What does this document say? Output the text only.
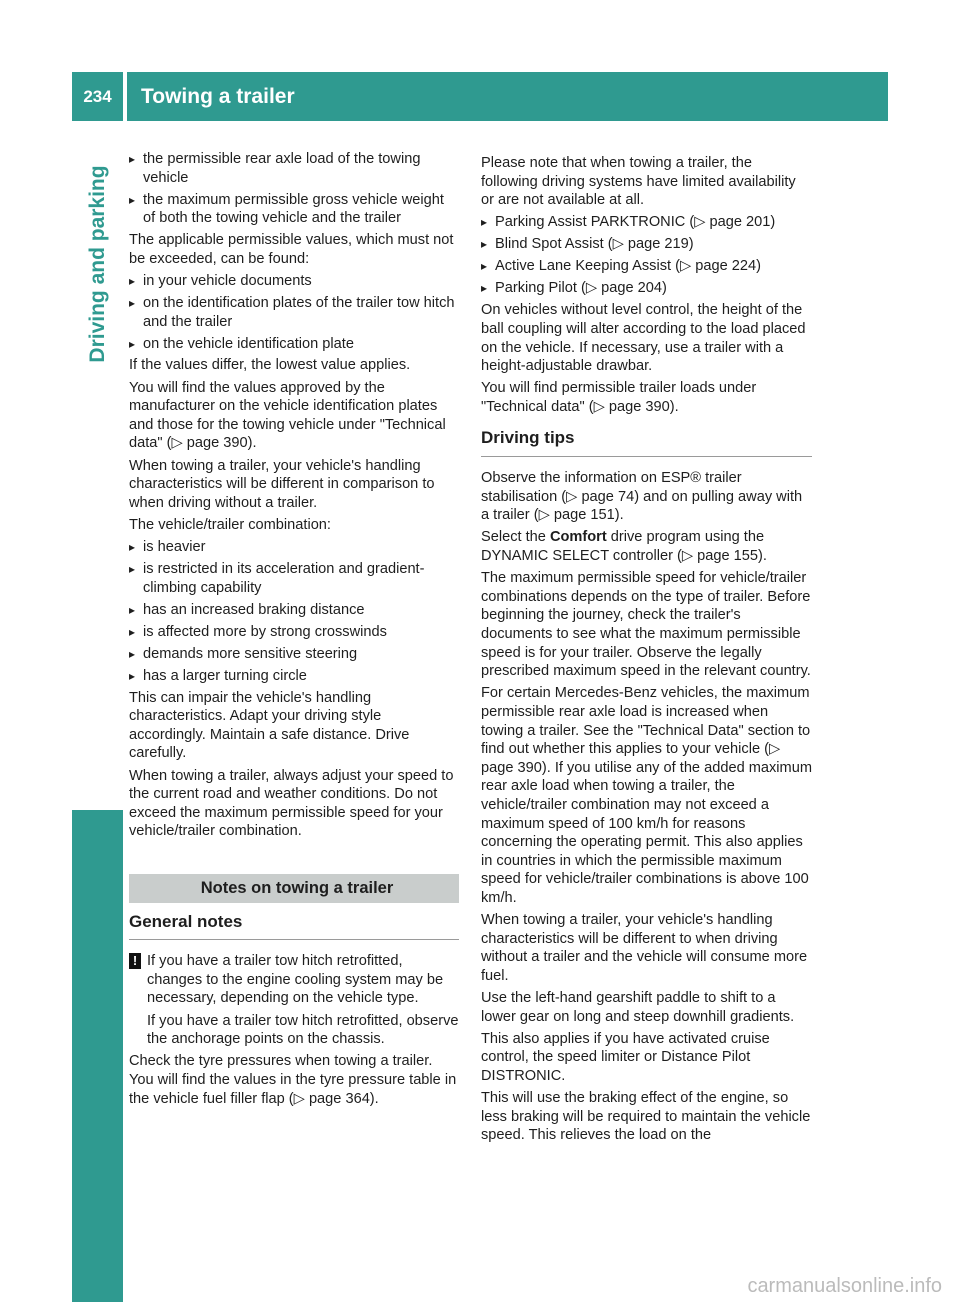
234	Towing a trailer
Driving and parking
▸ the permissible rear axle load of the towing vehicle
▸ the maximum permissible gross vehicle weight of both the towing vehicle and the trailer

The applicable permissible values, which must not be exceeded, can be found:

▸ in your vehicle documents
▸ on the identification plates of the trailer tow hitch and the trailer
▸ on the vehicle identification plate

If the values differ, the lowest value applies.

You will find the values approved by the manufacturer on the vehicle identification plates and those for the towing vehicle under "Technical data" (▷ page 390).

When towing a trailer, your vehicle's handling characteristics will be different in comparison to when driving without a trailer.

The vehicle/trailer combination:

▸ is heavier
▸ is restricted in its acceleration and gradient-climbing capability
▸ has an increased braking distance
▸ is affected more by strong crosswinds
▸ demands more sensitive steering
▸ has a larger turning circle

This can impair the vehicle's handling characteristics. Adapt your driving style accordingly. Maintain a safe distance. Drive carefully.

When towing a trailer, always adjust your speed to the current road and weather conditions. Do not exceed the maximum permissible speed for your vehicle/trailer combination.

Notes on towing a trailer
General notes
! If you have a trailer tow hitch retrofitted, changes to the engine cooling system may be necessary, depending on the vehicle type.

If you have a trailer tow hitch retrofitted, observe the anchorage points on the chassis.

Check the tyre pressures when towing a trailer. You will find the values in the tyre pressure table in the vehicle fuel filler flap (▷ page 364).

Please note that when towing a trailer, the following driving systems have limited availability or are not available at all.

▸ Parking Assist PARKTRONIC (▷ page 201)
▸ Blind Spot Assist (▷ page 219)
▸ Active Lane Keeping Assist (▷ page 224)
▸ Parking Pilot (▷ page 204)

On vehicles without level control, the height of the ball coupling will alter according to the load placed on the vehicle. If necessary, use a trailer with a height-adjustable drawbar.

You will find permissible trailer loads under "Technical data" (▷ page 390).

Driving tips

Observe the information on ESP® trailer stabilisation (▷ page 74) and on pulling away with a trailer (▷ page 151).

Select the Comfort drive program using the DYNAMIC SELECT controller (▷ page 155).

The maximum permissible speed for vehicle/trailer combinations depends on the type of trailer. Before beginning the journey, check the trailer's documents to see what the maximum permissible speed is for your trailer. Observe the legally prescribed maximum speed in the relevant country.

For certain Mercedes-Benz vehicles, the maximum permissible rear axle load is increased when towing a trailer. See the "Technical Data" section to find out whether this applies to your vehicle (▷ page 390). If you utilise any of the added maximum rear axle load when towing a trailer, the vehicle/trailer combination may not exceed a maximum speed of 100 km/h for reasons concerning the operating permit. This also applies in countries in which the permissible maximum speed for vehicle/trailer combinations is above 100 km/h.

When towing a trailer, your vehicle's handling characteristics will be different to when driving without a trailer and the vehicle will consume more fuel.

Use the left-hand gearshift paddle to shift to a lower gear on long and steep downhill gradients.

This also applies if you have activated cruise control, the speed limiter or Distance Pilot DISTRONIC.

This will use the braking effect of the engine, so less braking will be required to maintain the vehicle speed. This relieves the load on the

carmanualsonline.info
